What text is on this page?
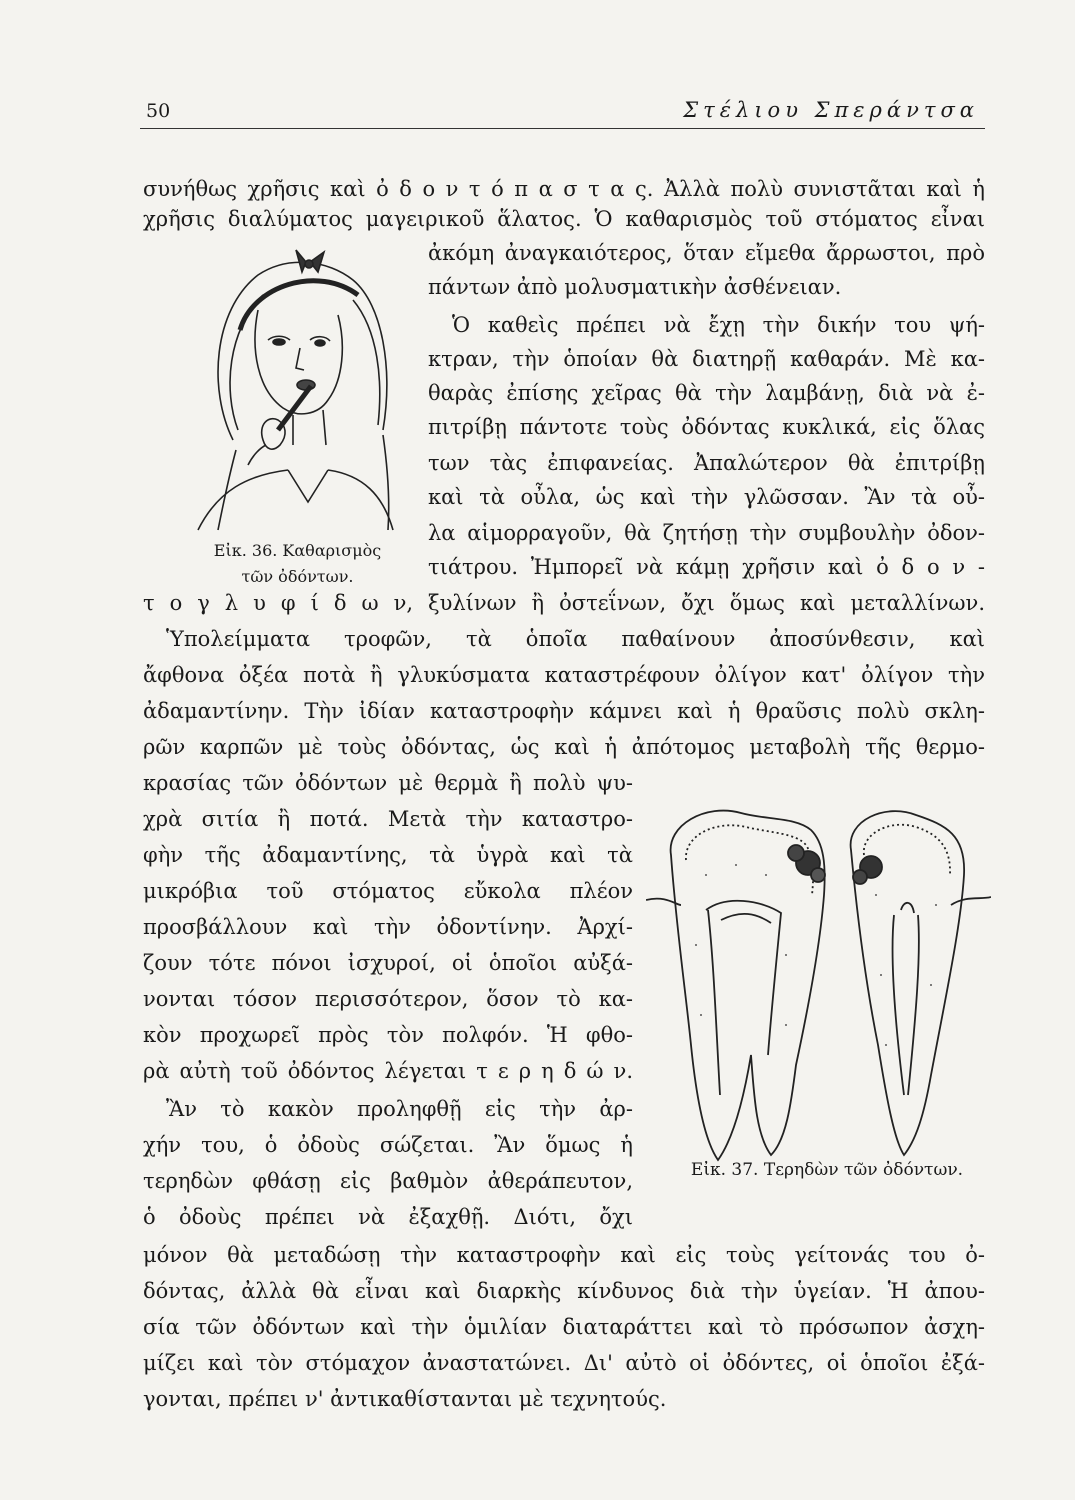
50	Στέλιου Σπεράντσα
Εἰκ. 36. Καθαρισμὸς
τῶν ὀδόντων.
Εἰκ. 37. Τερηδὼν τῶν ὀδόντων.
συνήθως χρῆσις καὶ ὀ δ ο ν τ ό π α σ τ α ς. Ἀλλὰ πολὺ συνιστᾶται καὶ ἡ
χρῆσις διαλύματος μαγειρικοῦ ἅλατος. Ὁ καθαρισμὸς τοῦ στόματος εἶναι
ἀκόμη ἀναγκαιότερος, ὅταν εἴμεθα ἄρρωστοι, πρὸ
πάντων ἀπὸ μολυσματικὴν ἀσθένειαν.
Ὁ καθεὶς πρέπει νὰ ἔχῃ τὴν δικήν του ψή-
κτραν, τὴν ὁποίαν θὰ διατηρῇ καθαράν. Μὲ κα-
θαρὰς ἐπίσης χεῖρας θὰ τὴν λαμβάνῃ, διὰ νὰ ἐ-
πιτρίβῃ πάντοτε τοὺς ὀδόντας κυκλικά, εἰς ὅλας
των τὰς ἐπιφανείας. Ἀπαλώτερον θὰ ἐπιτρίβῃ
καὶ τὰ οὖλα, ὡς καὶ τὴν γλῶσσαν. Ἂν τὰ οὖ-
λα αἱμορραγοῦν, θὰ ζητήσῃ τὴν συμβουλὴν ὀδον-
τιάτρου. Ἠμπορεῖ νὰ κάμῃ χρῆσιν καὶ ὀ δ ο ν -
τ ο γ λ υ φ ί δ ω ν, ξυλίνων ἢ ὀστεΐνων, ὄχι ὅμως καὶ μεταλλίνων.
Ὑπολείμματα τροφῶν, τὰ ὁποῖα παθαίνουν ἀποσύνθεσιν, καὶ
ἄφθονα ὀξέα ποτὰ ἢ γλυκύσματα καταστρέφουν ὀλίγον κατ' ὀλίγον τὴν
ἀδαμαντίνην. Τὴν ἰδίαν καταστροφὴν κάμνει καὶ ἡ θραῦσις πολὺ σκλη-
ρῶν καρπῶν μὲ τοὺς ὀδόντας, ὡς καὶ ἡ ἀπότομος μεταβολὴ τῆς θερμο-
κρασίας τῶν ὀδόντων μὲ θερμὰ ἢ πολὺ ψυ-
χρὰ σιτία ἢ ποτά. Μετὰ τὴν καταστρο-
φὴν τῆς ἀδαμαντίνης, τὰ ὑγρὰ καὶ τὰ
μικρόβια τοῦ στόματος εὔκολα πλέον
προσβάλλουν καὶ τὴν ὀδοντίνην. Ἀρχί-
ζουν τότε πόνοι ἰσχυροί, οἱ ὁποῖοι αὐξά-
νονται τόσον περισσότερον, ὅσον τὸ κα-
κὸν προχωρεῖ πρὸς τὸν πολφόν. Ἡ φθο-
ρὰ αὐτὴ τοῦ ὀδόντος λέγεται τ ε ρ η δ ώ ν.
Ἂν τὸ κακὸν προληφθῇ εἰς τὴν ἀρ-
χήν του, ὁ ὀδοὺς σώζεται. Ἂν ὅμως ἡ
τερηδὼν φθάσῃ εἰς βαθμὸν ἀθεράπευτον,
ὁ ὀδοὺς πρέπει νὰ ἐξαχθῇ. Διότι, ὄχι
μόνον θὰ μεταδώσῃ τὴν καταστροφὴν καὶ εἰς τοὺς γείτονάς του ὀ-
δόντας, ἀλλὰ θὰ εἶναι καὶ διαρκὴς κίνδυνος διὰ τὴν ὑγείαν. Ἡ ἀπου-
σία τῶν ὀδόντων καὶ τὴν ὁμιλίαν διαταράττει καὶ τὸ πρόσωπον ἀσχη-
μίζει καὶ τὸν στόμαχον ἀναστατώνει. Δι' αὐτὸ οἱ ὀδόντες, οἱ ὁποῖοι ἐξά-
γονται, πρέπει ν' ἀντικαθίστανται μὲ τεχνητούς.
